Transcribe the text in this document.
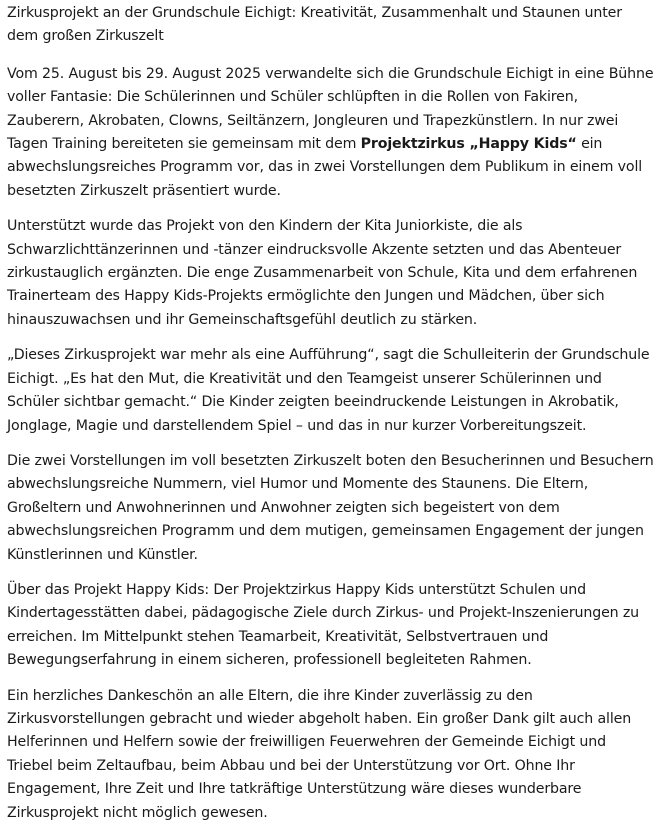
Zirkusprojekt an der Grundschule Eichigt: Kreativität, Zusammenhalt und Staunen unter dem großen Zirkuszelt

Vom 25. August bis 29. August 2025 verwandelte sich die Grundschule Eichigt in eine Bühne voller Fantasie: Die Schülerinnen und Schüler schlüpften in die Rollen von Fakiren, Zauberern, Akrobaten, Clowns, Seiltänzern, Jongleuren und Trapezkünstlern. In nur zwei Tagen Training bereiteten sie gemeinsam mit dem Projektzirkus „Happy Kids“ ein abwechslungsreiches Programm vor, das in zwei Vorstellungen dem Publikum in einem voll besetzten Zirkuszelt präsentiert wurde.

Unterstützt wurde das Projekt von den Kindern der Kita Juniorkiste, die als Schwarzlichttänzerinnen und -tänzer eindrucksvolle Akzente setzten und das Abenteuer zirkustauglich ergänzten. Die enge Zusammenarbeit von Schule, Kita und dem erfahrenen Trainerteam des Happy Kids-Projekts ermöglichte den Jungen und Mädchen, über sich hinauszuwachsen und ihr Gemeinschaftsgefühl deutlich zu stärken.

„Dieses Zirkusprojekt war mehr als eine Aufführung“, sagt die Schulleiterin der Grundschule Eichigt. „Es hat den Mut, die Kreativität und den Teamgeist unserer Schülerinnen und Schüler sichtbar gemacht.“ Die Kinder zeigten beeindruckende Leistungen in Akrobatik, Jonglage, Magie und darstellendem Spiel – und das in nur kurzer Vorbereitungszeit.

Die zwei Vorstellungen im voll besetzten Zirkuszelt boten den Besucherinnen und Besuchern abwechslungsreiche Nummern, viel Humor und Momente des Staunens. Die Eltern, Großeltern und Anwohnerinnen und Anwohner zeigten sich begeistert von dem abwechslungsreichen Programm und dem mutigen, gemeinsamen Engagement der jungen Künstlerinnen und Künstler.

Über das Projekt Happy Kids: Der Projektzirkus Happy Kids unterstützt Schulen und Kindertagesstätten dabei, pädagogische Ziele durch Zirkus- und Projekt-Inszenierungen zu erreichen. Im Mittelpunkt stehen Teamarbeit, Kreativität, Selbstvertrauen und Bewegungserfahrung in einem sicheren, professionell begleiteten Rahmen.

Ein herzliches Dankeschön an alle Eltern, die ihre Kinder zuverlässig zu den Zirkusvorstellungen gebracht und wieder abgeholt haben. Ein großer Dank gilt auch allen Helferinnen und Helfern sowie der freiwilligen Feuerwehren der Gemeinde Eichigt und Triebel beim Zeltaufbau, beim Abbau und bei der Unterstützung vor Ort. Ohne Ihr Engagement, Ihre Zeit und Ihre tatkräftige Unterstützung wäre dieses wunderbare Zirkusprojekt nicht möglich gewesen.
